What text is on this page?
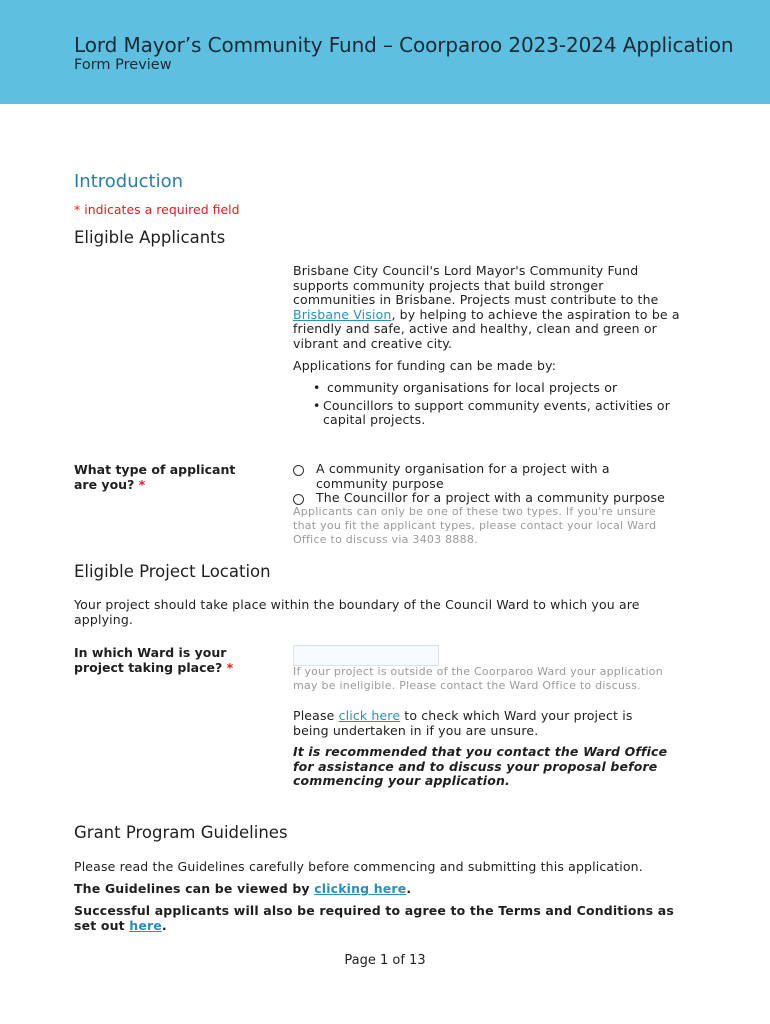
Lord Mayor’s Community Fund – Coorparoo 2023-2024 Application
Form Preview
Introduction
* indicates a required field
Eligible Applicants
Brisbane City Council's Lord Mayor's Community Fund supports community projects that build stronger communities in Brisbane. Projects must contribute to the Brisbane Vision, by helping to achieve the aspiration to be a friendly and safe, active and healthy, clean and green or vibrant and creative city.
Applications for funding can be made by:
• community organisations for local projects or
• Councillors to support community events, activities or capital projects.
What type of applicant are you? *
A community organisation for a project with a community purpose
The Councillor for a project with a community purpose
Applicants can only be one of these two types. If you're unsure that you fit the applicant types, please contact your local Ward Office to discuss via 3403 8888.
Eligible Project Location
Your project should take place within the boundary of the Council Ward to which you are applying.
In which Ward is your project taking place? *	If your project is outside of the Coorparoo Ward your application may be ineligible. Please contact the Ward Office to discuss.
Please click here to check which Ward your project is being undertaken in if you are unsure.
It is recommended that you contact the Ward Office for assistance and to discuss your proposal before commencing your application.
Grant Program Guidelines
Please read the Guidelines carefully before commencing and submitting this application.
The Guidelines can be viewed by clicking here.
Successful applicants will also be required to agree to the Terms and Conditions as set out here.
Page 1 of 13
